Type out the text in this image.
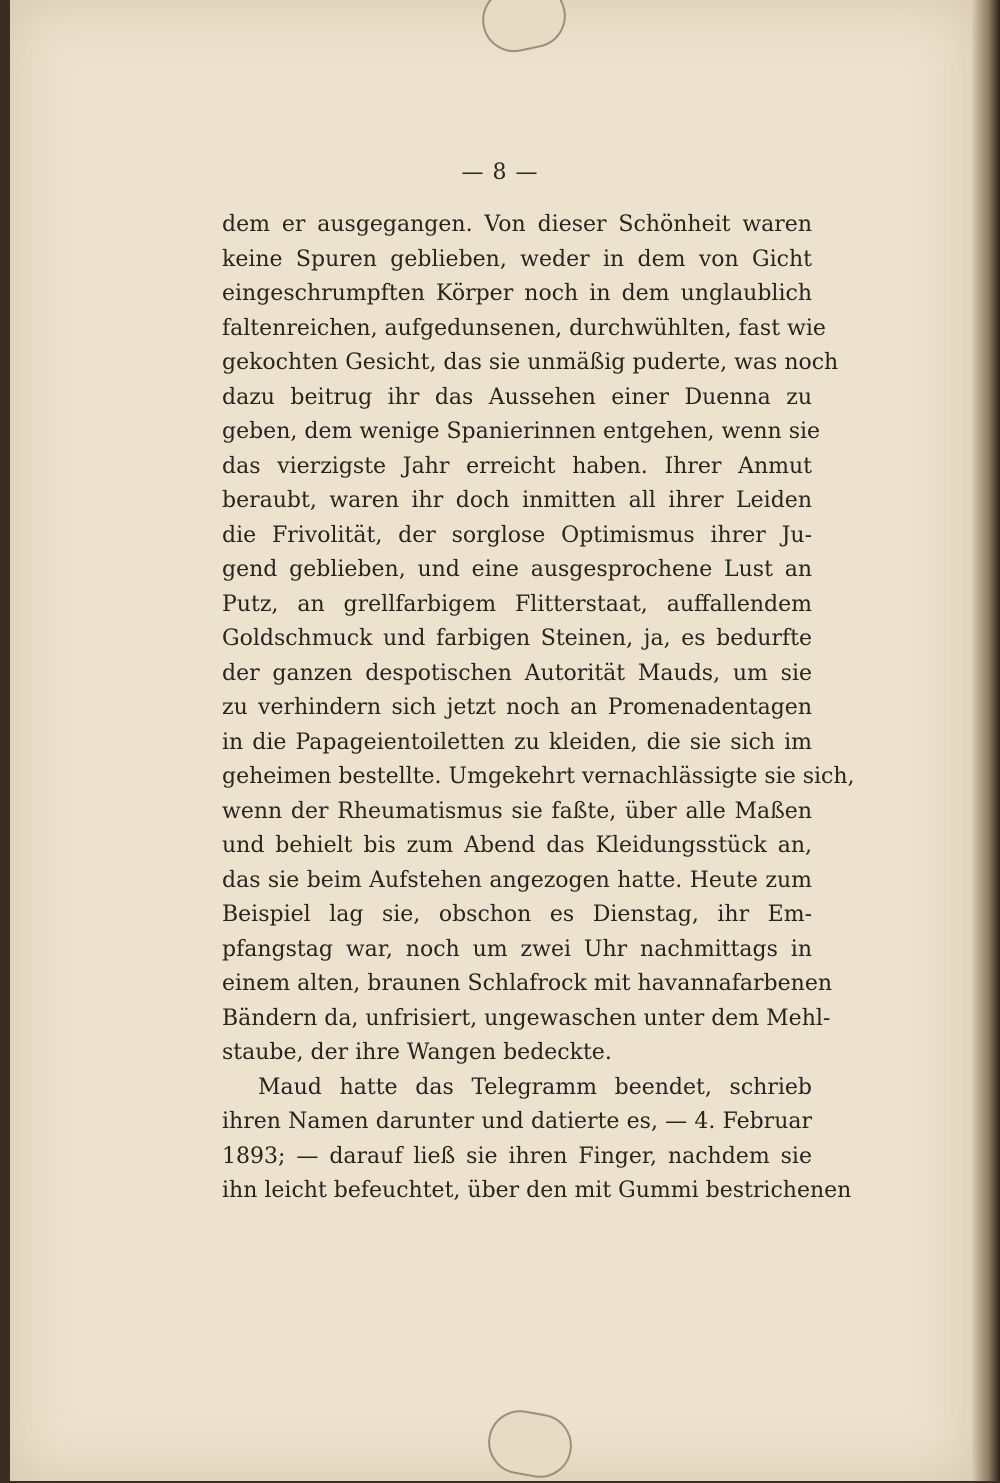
— 8 —
dem er ausgegangen. Von dieser Schönheit waren
keine Spuren geblieben, weder in dem von Gicht
eingeschrumpften Körper noch in dem unglaublich
faltenreichen, aufgedunsenen, durchwühlten, fast wie
gekochten Gesicht, das sie unmäßig puderte, was noch
dazu beitrug ihr das Aussehen einer Duenna zu
geben, dem wenige Spanierinnen entgehen, wenn sie
das vierzigste Jahr erreicht haben. Ihrer Anmut
beraubt, waren ihr doch inmitten all ihrer Leiden
die Frivolität, der sorglose Optimismus ihrer Ju-
gend geblieben, und eine ausgesprochene Lust an
Putz, an grellfarbigem Flitterstaat, auffallendem
Goldschmuck und farbigen Steinen, ja, es bedurfte
der ganzen despotischen Autorität Mauds, um sie
zu verhindern sich jetzt noch an Promenadentagen
in die Papageientoiletten zu kleiden, die sie sich im
geheimen bestellte. Umgekehrt vernachlässigte sie sich,
wenn der Rheumatismus sie faßte, über alle Maßen
und behielt bis zum Abend das Kleidungsstück an,
das sie beim Aufstehen angezogen hatte. Heute zum
Beispiel lag sie, obschon es Dienstag, ihr Em-
pfangstag war, noch um zwei Uhr nachmittags in
einem alten, braunen Schlafrock mit havannafarbenen
Bändern da, unfrisiert, ungewaschen unter dem Mehl-
staube, der ihre Wangen bedeckte.
Maud hatte das Telegramm beendet, schrieb
ihren Namen darunter und datierte es, — 4. Februar
1893; — darauf ließ sie ihren Finger, nachdem sie
ihn leicht befeuchtet, über den mit Gummi bestrichenen
